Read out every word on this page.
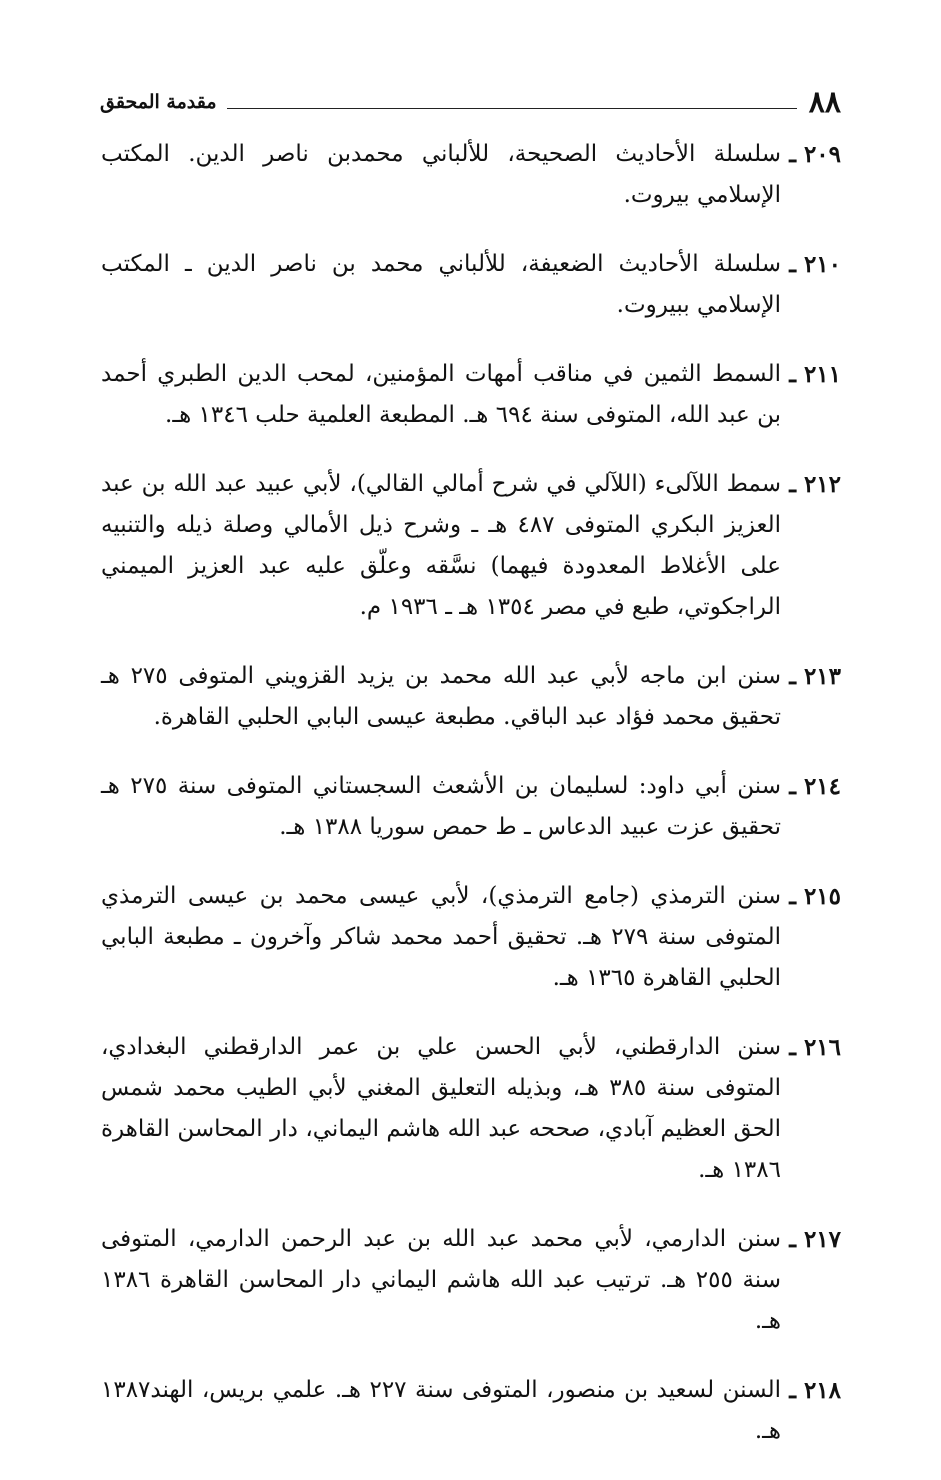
٨٨
مقدمة المحقق
٢٠٩ ـ
سلسلة الأحاديث الصحيحة، للألباني محمدبن ناصر الدين. المكتب الإسلامي بيروت.
٢١٠ ـ
سلسلة الأحاديث الضعيفة، للألباني محمد بن ناصر الدين ـ المكتب الإسلامي ببيروت.
٢١١ ـ
السمط الثمين في مناقب أمهات المؤمنين، لمحب الدين الطبري أحمد بن عبد الله، المتوفى سنة ٦٩٤ هـ. المطبعة العلمية حلب ١٣٤٦ هـ.
٢١٢ ـ
سمط اللآلىء (اللآلي في شرح أمالي القالي)، لأبي عبيد عبد الله بن عبد العزيز البكري المتوفى ٤٨٧ هـ ـ وشرح ذيل الأمالي وصلة ذيله والتنبيه على الأغلاط المعدودة فيهما) نسَّقه وعلّق عليه عبد العزيز الميمني الراجكوتي، طبع في مصر ١٣٥٤ هـ ـ ١٩٣٦ م.
٢١٣ ـ
سنن ابن ماجه لأبي عبد الله محمد بن يزيد القزويني المتوفى ٢٧٥ هـ تحقيق محمد فؤاد عبد الباقي. مطبعة عيسى البابي الحلبي القاهرة.
٢١٤ ـ
سنن أبي داود: لسليمان بن الأشعث السجستاني المتوفى سنة ٢٧٥ هـ تحقيق عزت عبيد الدعاس ـ ط حمص سوريا ١٣٨٨ هـ.
٢١٥ ـ
سنن الترمذي (جامع الترمذي)، لأبي عيسى محمد بن عيسى الترمذي المتوفى سنة ٢٧٩ هـ. تحقيق أحمد محمد شاكر وآخرون ـ مطبعة البابي الحلبي القاهرة ١٣٦٥ هـ.
٢١٦ ـ
سنن الدارقطني، لأبي الحسن علي بن عمر الدارقطني البغدادي، المتوفى سنة ٣٨٥ هـ، وبذيله التعليق المغني لأبي الطيب محمد شمس الحق العظيم آبادي، صححه عبد الله هاشم اليماني، دار المحاسن القاهرة ١٣٨٦ هـ.
٢١٧ ـ
سنن الدارمي، لأبي محمد عبد الله بن عبد الرحمن الدارمي، المتوفى سنة ٢٥٥ هـ. ترتيب عبد الله هاشم اليماني دار المحاسن القاهرة ١٣٨٦ هـ.
٢١٨ ـ
السنن لسعيد بن منصور، المتوفى سنة ٢٢٧ هـ. علمي بريس، الهند١٣٨٧ هـ.
